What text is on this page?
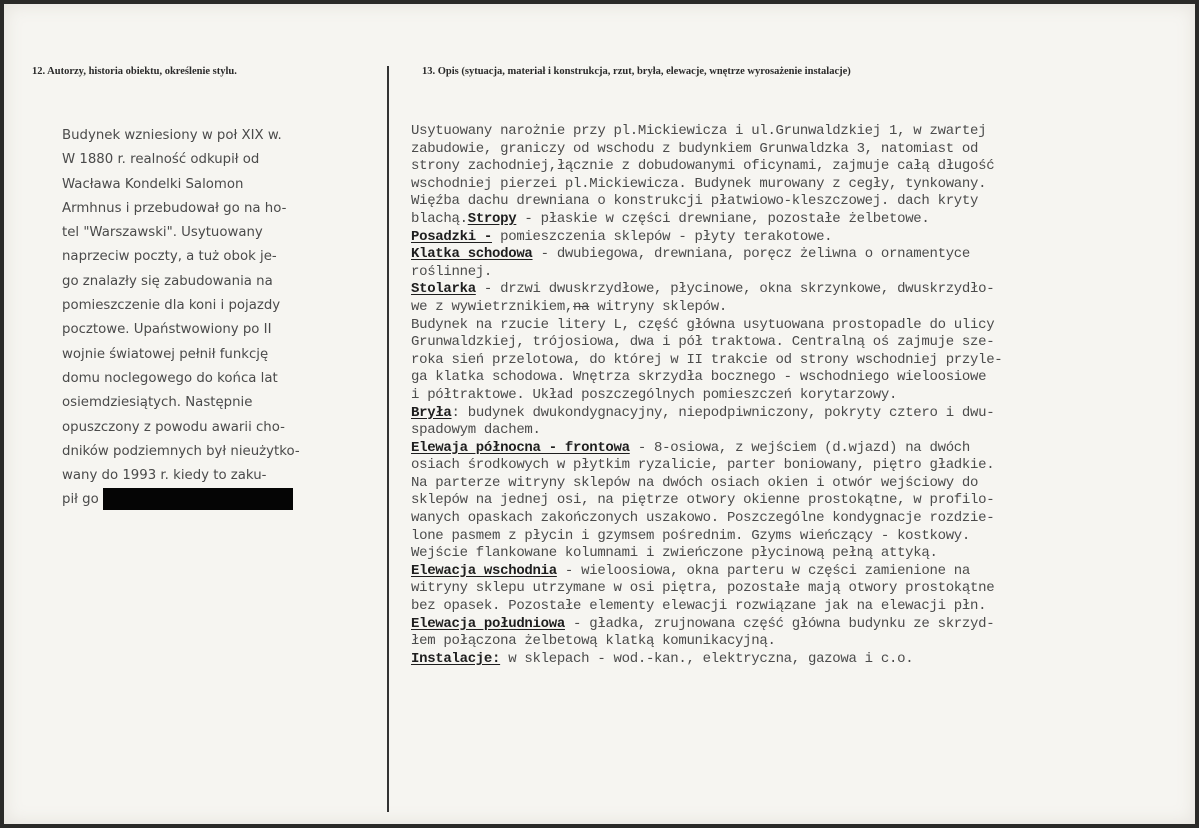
12. Autorzy, historia obiektu, określenie stylu.	13. Opis (sytuacja, materiał i konstrukcja, rzut, bryła, elewacje, wnętrze wyrosażenie instalacje)
Budynek wzniesiony w poł XIX w.
W 1880 r. realność odkupił od
Wacława Kondelki Salomon
Armhnus i przebudował go na ho-
tel "Warszawski". Usytuowany
naprzeciw poczty, a tuż obok je-
go znalazły się zabudowania na
pomieszczenie dla koni i pojazdy
pocztowe. Upaństwowiony po II
wojnie światowej pełnił funkcję
domu noclegowego do końca lat
osiemdziesiątych. Następnie
opuszczony z powodu awarii cho-
dników podziemnych był nieużytko-
wany do 1993 r. kiedy to zaku-
pił go
Usytuowany narożnie przy pl.Mickiewicza i ul.Grunwaldzkiej 1, w zwartej
zabudowie, graniczy od wschodu z budynkiem Grunwaldzka 3, natomiast od
strony zachodniej,łącznie z dobudowanymi oficynami, zajmuje całą długość
wschodniej pierzei pl.Mickiewicza. Budynek murowany z cegły, tynkowany.
Więźba dachu drewniana o konstrukcji płatwiowo-kleszczowej. dach kryty
blachą.Stropy - płaskie w części drewniane, pozostałe żelbetowe.
Posadzki - pomieszczenia sklepów - płyty terakotowe.
Klatka schodowa - dwubiegowa, drewniana, poręcz żeliwna o ornamentyce
roślinnej.
Stolarka - drzwi dwuskrzydłowe, płycinowe, okna skrzynkowe, dwuskrzydło-
we z wywietrznikiem,na witryny sklepów.
Budynek na rzucie litery L, część główna usytuowana prostopadle do ulicy
Grunwaldzkiej, trójosiowa, dwa i pół traktowa. Centralną oś zajmuje sze-
roka sień przelotowa, do której w II trakcie od strony wschodniej przyle-
ga klatka schodowa. Wnętrza skrzydła bocznego - wschodniego wieloosiowe
i półtraktowe. Układ poszczególnych pomieszczeń korytarzowy.
Bryła: budynek dwukondygnacyjny, niepodpiwniczony, pokryty cztero i dwu-
spadowym dachem.
Elewaja północna - frontowa - 8-osiowa, z wejściem (d.wjazd) na dwóch
osiach środkowych w płytkim ryzalicie, parter boniowany, piętro gładkie.
Na parterze witryny sklepów na dwóch osiach okien i otwór wejściowy do
sklepów na jednej osi, na piętrze otwory okienne prostokątne, w profilo-
wanych opaskach zakończonych uszakowo. Poszczególne kondygnacje rozdzie-
lone pasmem z płycin i gzymsem pośrednim. Gzyms wieńczący - kostkowy.
Wejście flankowane kolumnami i zwieńczone płycinową pełną attyką.
Elewacja wschodnia - wieloosiowa, okna parteru w części zamienione na
witryny sklepu utrzymane w osi piętra, pozostałe mają otwory prostokątne
bez opasek. Pozostałe elementy elewacji rozwiązane jak na elewacji płn.
Elewacja południowa - gładka, zrujnowana część główna budynku ze skrzyd-
łem połączona żelbetową klatką komunikacyjną.
Instalacje: w sklepach - wod.-kan., elektryczna, gazowa i c.o.
